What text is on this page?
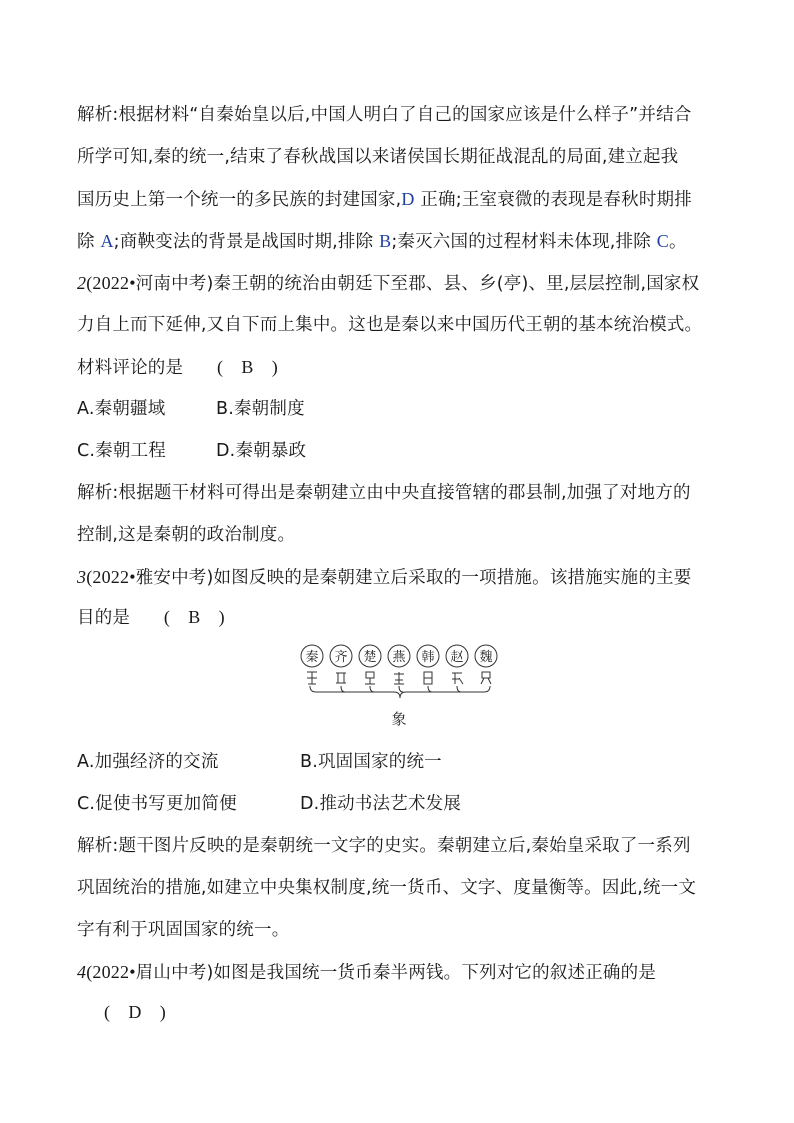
解析:根据材料“自秦始皇以后,中国人明白了自己的国家应该是什么样子”并结合
所学可知,秦的统一,结束了春秋战国以来诸侯国长期征战混乱的局面,建立起我
国历史上第一个统一的多民族的封建国家,D 正确;王室衰微的表现是春秋时期排
除 A;商鞅变法的背景是战国时期,排除 B;秦灭六国的过程材料未体现,排除 C。
2(2022•河南中考)秦王朝的统治由朝廷下至郡、县、乡(亭)、里,层层控制,国家权
力自上而下延伸,又自下而上集中。这也是秦以来中国历代王朝的基本统治模式。
材料评论的是 (　B　)
A.秦朝疆域	B.秦朝制度
C.秦朝工程	D.秦朝暴政
解析:根据题干材料可得出是秦朝建立由中央直接管辖的郡县制,加强了对地方的
控制,这是秦朝的政治制度。
3(2022•雅安中考)如图反映的是秦朝建立后采取的一项措施。该措施实施的主要
目的是 (　B　)
秦 齐 楚 燕 韩 赵 魏
象
A.加强经济的交流	B.巩固国家的统一
C.促使书写更加简便	D.推动书法艺术发展
解析:题干图片反映的是秦朝统一文字的史实。秦朝建立后,秦始皇采取了一系列
巩固统治的措施,如建立中央集权制度,统一货币、文字、度量衡等。因此,统一文
字有利于巩固国家的统一。
4(2022•眉山中考)如图是我国统一货币秦半两钱。下列对它的叙述正确的是
(　D　)
